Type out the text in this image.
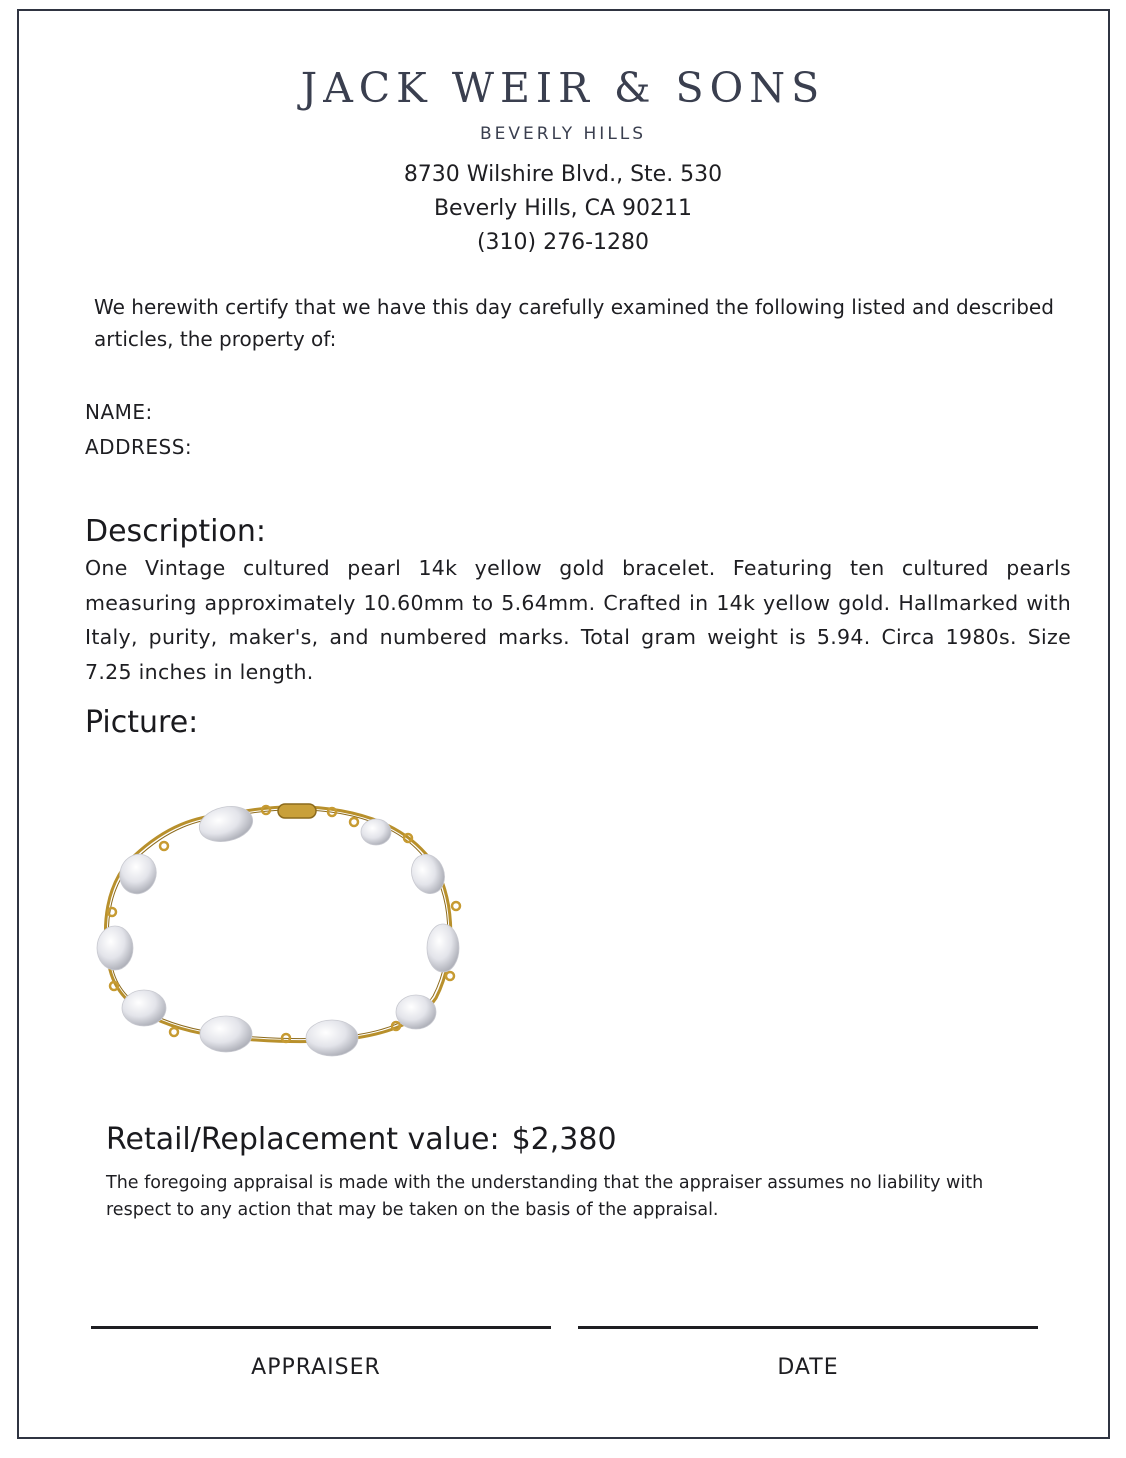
JACK WEIR & SONS
BEVERLY HILLS
8730 Wilshire Blvd., Ste. 530
Beverly Hills, CA 90211
(310) 276-1280
We herewith certify that we have this day carefully examined the following listed and described articles, the property of:
NAME:
ADDRESS:
Description:
One Vintage cultured pearl 14k yellow gold bracelet. Featuring ten cultured pearls measuring approximately 10.60mm to 5.64mm. Crafted in 14k yellow gold. Hallmarked with Italy, purity, maker's, and numbered marks. Total gram weight is 5.94. Circa 1980s. Size 7.25 inches in length.
Picture:
Retail/Replacement value: $2,380
The foregoing appraisal is made with the understanding that the appraiser assumes no liability with respect to any action that may be taken on the basis of the appraisal.
APPRAISER	DATE
